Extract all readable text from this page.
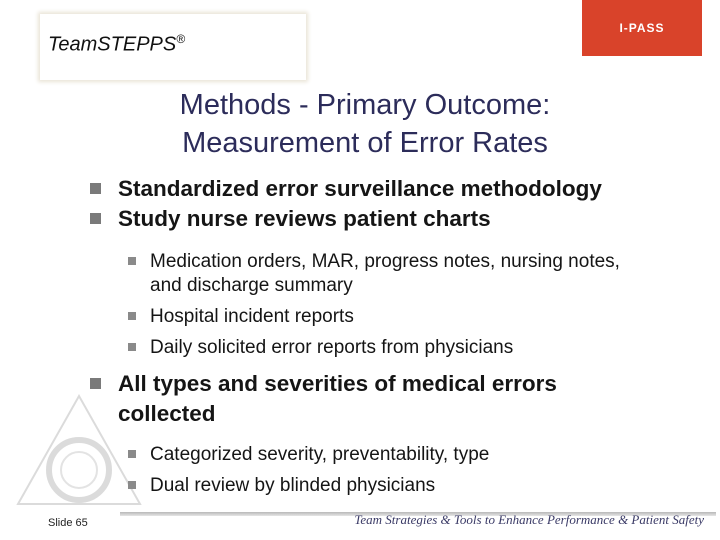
TeamSTEPPS®
I-PASS
Methods - Primary Outcome:
Measurement of Error Rates
Standardized error surveillance methodology
Study nurse reviews patient charts
Medication orders, MAR, progress notes, nursing notes,
and discharge summary
Hospital incident reports
Daily solicited error reports from physicians
All types and severities of medical errors
collected
Categorized severity, preventability, type
Dual review by blinded physicians
Slide 65	Team Strategies & Tools to Enhance Performance & Patient Safety
